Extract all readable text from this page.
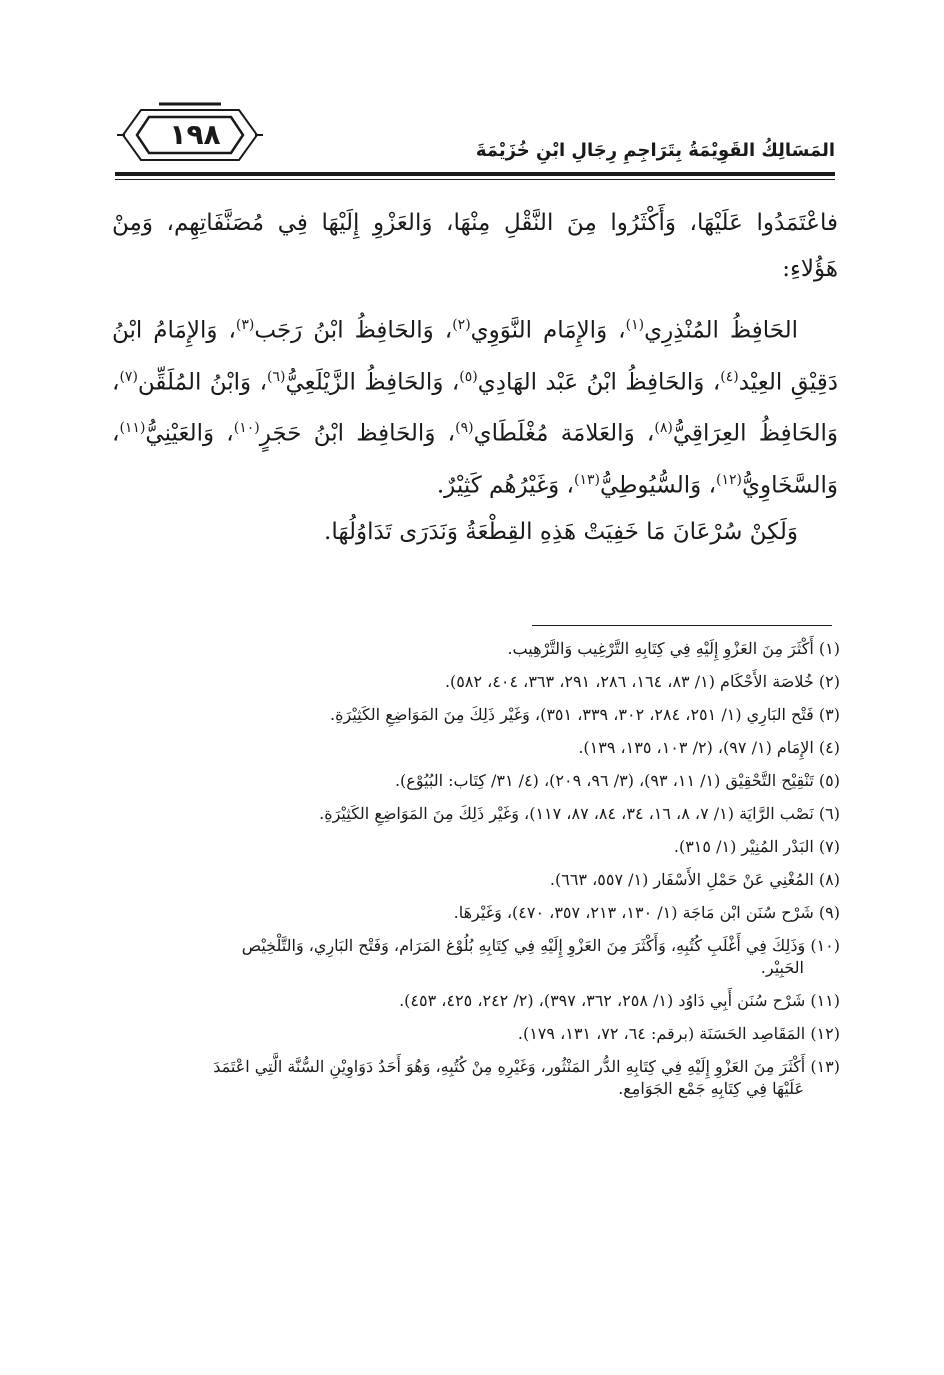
١٩٨	المَسَالِكُ القَوِيْمَةُ بِتَرَاجِمِ رِجَالِ ابْنِ خُزَيْمَةَ

فاعْتَمَدُوا عَلَيْهَا، وَأَكْثَرُوا مِنَ النَّقْلِ مِنْهَا، وَالعَزْوِ إِلَيْهَا فِي مُصَنَّفَاتِهِم، وَمِنْ هَؤُلاءِ:

الحَافِظُ المُنْذِرِي$^{(١)}$، وَالإِمَام النَّوَوِي$^{(٢)}$، وَالحَافِظُ ابْنُ رَجَب$^{(٣)}$، وَالإِمَامُ ابْنُ دَقِيْقِ العِيْد$^{(٤)}$، وَالحَافِظُ ابْنُ عَبْد الهَادِي$^{(٥)}$، وَالحَافِظُ الزَّيْلَعِيُّ$^{(٦)}$، وَابْنُ المُلَقِّن$^{(٧)}$، وَالحَافِظُ العِرَاقِيُّ$^{(٨)}$، وَالعَلامَة مُغْلَطَاي$^{(٩)}$، وَالحَافِظ ابْنُ حَجَرٍ$^{(١٠)}$، وَالعَيْنِيُّ$^{(١١)}$، وَالسَّخَاوِيُّ$^{(١٢)}$، وَالسُّيُوطِيُّ$^{(١٣)}$، وَغَيْرُهُم كَثِيْرٌ.

وَلَكِنْ سُرْعَانَ مَا خَفِيَتْ هَذِهِ القِطْعَةُ وَنَدَرَى تَدَاوُلُهَا.

(١) أَكْثَرَ مِنَ العَزْوِ إِلَيْهِ فِي كِتَابِهِ التَّرْغِيب وَالتَّرْهِيب.
(٢) خُلاصَة الأَحْكَام (١/ ٨٣، ١٦٤، ٢٨٦، ٢٩١، ٣٦٣، ٤٠٤، ٥٨٢).
(٣) فَتْح البَارِي (١/ ٢٥١، ٢٨٤، ٣٠٢، ٣٣٩، ٣٥١)، وَغَيْر ذَلِكَ مِنَ المَوَاضِعِ الكَثِيْرَةِ.
(٤) الإِمَام (١/ ٩٧)، (٢/ ١٠٣، ١٣٥، ١٣٩).
(٥) تَنْقِيْح التَّحْقِيْق (١/ ١١، ٩٣)، (٣/ ٩٦، ٢٠٩)، (٤/ ٣١/ كِتَاب: البُيُوْع).
(٦) نَصْب الرَّايَة (١/ ٧، ٨، ١٦، ٣٤، ٨٤، ٨٧، ١١٧)، وَغَيْر ذَلِكَ مِنَ المَوَاضِعِ الكَثِيْرَةِ.
(٧) البَدْر المُنِيْر (١/ ٣١٥).
(٨) المُغْنِي عَنْ حَمْلِ الأَسْفَار (١/ ٥٥٧، ٦٦٣).
(٩) شَرْح سُنَن ابْن مَاجَة (١/ ١٣٠، ٢١٣، ٣٥٧، ٤٧٠)، وَغَيْرهَا.
(١٠) وَذَلِكَ فِي أَغْلَبِ كُتُبِهِ، وَأَكْثَرَ مِنَ العَزْوِ إِلَيْهِ فِي كِتَابِهِ بُلُوْغ المَرَام، وَفَتْح البَارِي، وَالتَّلْخِيْص
الحَبِيْر.
(١١) شَرْح سُنَن أَبِي دَاوُد (١/ ٢٥٨، ٣٦٢، ٣٩٧)، (٢/ ٢٤٢، ٤٢٥، ٤٥٣).
(١٢) المَقَاصِد الحَسَنَة (برقم: ٦٤، ٧٢، ١٣١، ١٧٩).
(١٣) أَكْثَرَ مِنَ العَزْوِ إِلَيْهِ فِي كِتَابِهِ الدُّر المَنْثُور، وَغَيْرِهِ مِنْ كُتُبِهِ، وَهُوَ أَحَدُ دَوَاوِيْنِ السُّنَّة الَّتِي اعْتَمَدَ
عَلَيْهَا فِي كِتَابِهِ جَمْع الجَوَامِع.
